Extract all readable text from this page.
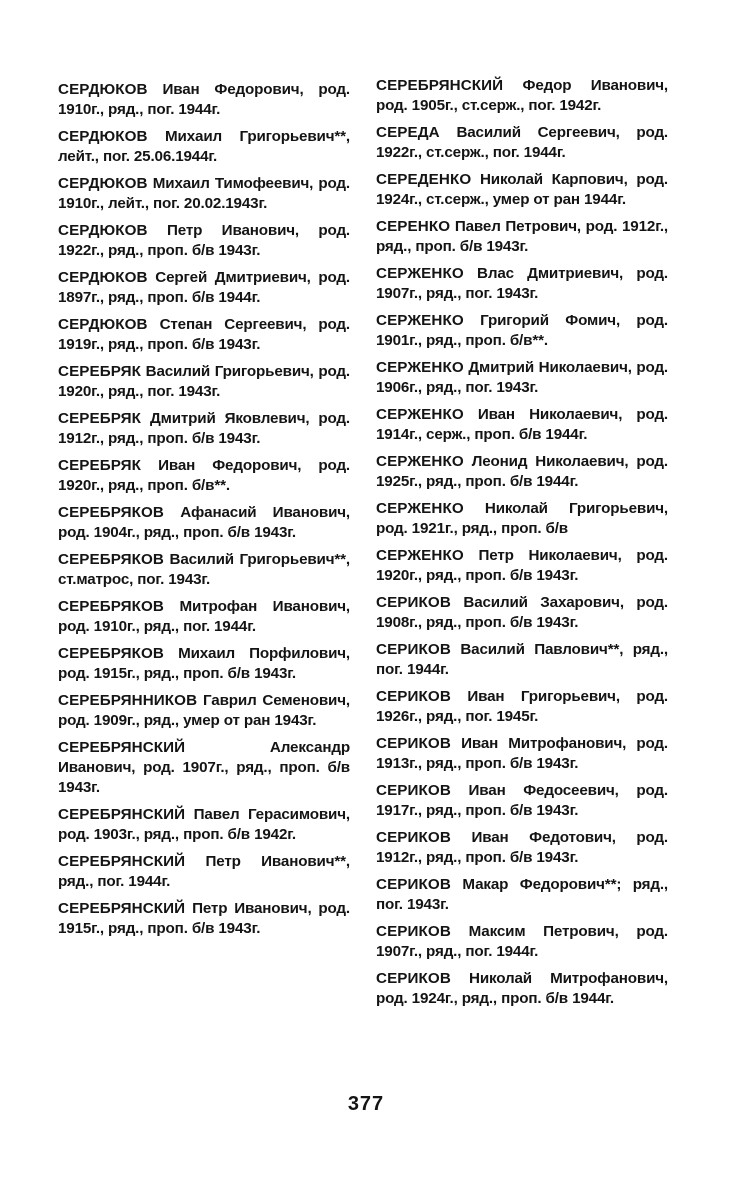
СЕРДЮКОВ Иван Федорович, род. 1910г., ряд., пог. 1944г.
СЕРДЮКОВ Михаил Григорьевич**, лейт., пог. 25.06.1944г.
СЕРДЮКОВ Михаил Тимофеевич, род. 1910г., лейт., пог. 20.02.1943г.
СЕРДЮКОВ Петр Иванович, род. 1922г., ряд., проп. б/в 1943г.
СЕРДЮКОВ Сергей Дмитриевич, род. 1897г., ряд., проп. б/в 1944г.
СЕРДЮКОВ Степан Сергеевич, род. 1919г., ряд., проп. б/в 1943г.
СЕРЕБРЯК Василий Григорьевич, род. 1920г., ряд., пог. 1943г.
СЕРЕБРЯК Дмитрий Яковлевич, род. 1912г., ряд., проп. б/в 1943г.
СЕРЕБРЯК Иван Федорович, род. 1920г., ряд., проп. б/в**.
СЕРЕБРЯКОВ Афанасий Иванович, род. 1904г., ряд., проп. б/в 1943г.
СЕРЕБРЯКОВ Василий Григорьевич**, ст.матрос, пог. 1943г.
СЕРЕБРЯКОВ Митрофан Иванович, род. 1910г., ряд., пог. 1944г.
СЕРЕБРЯКОВ Михаил Порфилович, род. 1915г., ряд., проп. б/в 1943г.
СЕРЕБРЯННИКОВ Гаврил Семенович, род. 1909г., ряд., умер от ран 1943г.
СЕРЕБРЯНСКИЙ	Александр Иванович, род. 1907г., ряд., проп. б/в 1943г.
СЕРЕБРЯНСКИЙ Павел Герасимович, род. 1903г., ряд., проп. б/в 1942г.
СЕРЕБРЯНСКИЙ Петр Иванович**, ряд., пог. 1944г.
СЕРЕБРЯНСКИЙ Петр Иванович, род. 1915г., ряд., проп. б/в 1943г.
СЕРЕБРЯНСКИЙ Федор Иванович, род. 1905г., ст.серж., пог. 1942г.
СЕРЕДА Василий Сергеевич, род. 1922г., ст.серж., пог. 1944г.
СЕРЕДЕНКО Николай Карпович, род. 1924г., ст.серж., умер от ран 1944г.
СЕРЕНКО Павел Петрович, род. 1912г., ряд., проп. б/в 1943г.
СЕРЖЕНКО Влас Дмитриевич, род. 1907г., ряд., пог. 1943г.
СЕРЖЕНКО Григорий Фомич, род. 1901г., ряд., проп. б/в**.
СЕРЖЕНКО Дмитрий Николаевич, род. 1906г., ряд., пог. 1943г.
СЕРЖЕНКО Иван Николаевич, род. 1914г., серж., проп. б/в 1944г.
СЕРЖЕНКО Леонид Николаевич, род. 1925г., ряд., проп. б/в 1944г.
СЕРЖЕНКО Николай Григорьевич, род. 1921г., ряд., проп. б/в
СЕРЖЕНКО Петр Николаевич, род. 1920г., ряд., проп. б/в 1943г.
СЕРИКОВ Василий Захарович, род. 1908г., ряд., проп. б/в 1943г.
СЕРИКОВ Василий Павлович**, ряд., пог. 1944г.
СЕРИКОВ Иван Григорьевич, род. 1926г., ряд., пог. 1945г.
СЕРИКОВ Иван Митрофанович, род. 1913г., ряд., проп. б/в 1943г.
СЕРИКОВ Иван Федосеевич, род. 1917г., ряд., проп. б/в 1943г.
СЕРИКОВ Иван Федотович, род. 1912г., ряд., проп. б/в 1943г.
СЕРИКОВ Макар Федорович**; ряд., пог. 1943г.
СЕРИКОВ Максим Петрович, род. 1907г., ряд., пог. 1944г.
СЕРИКОВ Николай Митрофанович, род. 1924г., ряд., проп. б/в 1944г.
377
